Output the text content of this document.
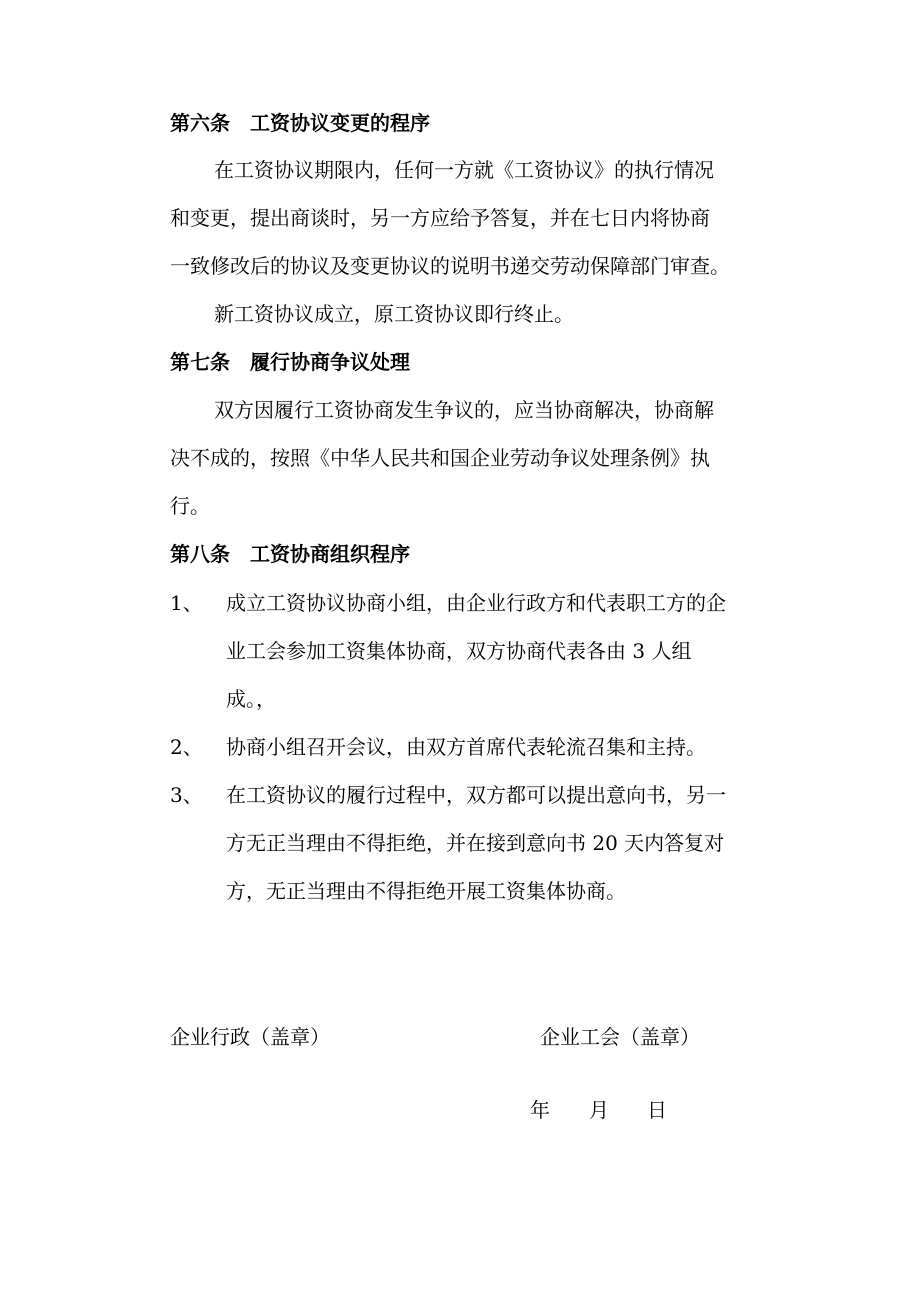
第六条　工资协议变更的程序
在工资协议期限内，任何一方就《工资协议》的执行情况
和变更，提出商谈时，另一方应给予答复，并在七日内将协商
一致修改后的协议及变更协议的说明书递交劳动保障部门审查。
新工资协议成立，原工资协议即行终止。
第七条　履行协商争议处理
双方因履行工资协商发生争议的，应当协商解决，协商解
决不成的，按照《中华人民共和国企业劳动争议处理条例》执
行。
第八条　工资协商组织程序
1、 成立工资协议协商小组，由企业行政方和代表职工方的企
业工会参加工资集体协商，双方协商代表各由 3 人组
成。，
2、 协商小组召开会议，由双方首席代表轮流召集和主持。
3、 在工资协议的履行过程中，双方都可以提出意向书，另一
方无正当理由不得拒绝，并在接到意向书 20 天内答复对
方，无正当理由不得拒绝开展工资集体协商。
企业行政（盖章）	企业工会（盖章）
年 月 日
